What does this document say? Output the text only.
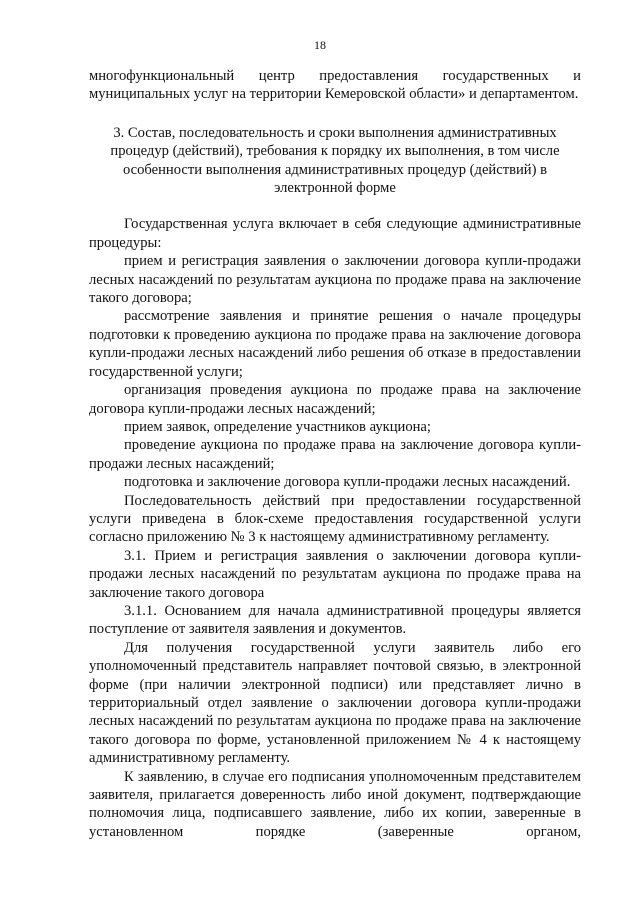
18

многофункциональный центр предоставления государственных и муниципальных услуг на территории Кемеровской области» и департаментом.

3. Состав, последовательность и сроки выполнения административных процедур (действий), требования к порядку их выполнения, в том числе особенности выполнения административных процедур (действий) в электронной форме

Государственная услуга включает в себя следующие административные процедуры:

прием и регистрация заявления о заключении договора купли-продажи лесных насаждений по результатам аукциона по продаже права на заключение такого договора;

рассмотрение заявления и принятие решения о начале процедуры подготовки к проведению аукциона по продаже права на заключение договора купли-продажи лесных насаждений либо решения об отказе в предоставлении государственной услуги;

организация проведения аукциона по продаже права на заключение договора купли-продажи лесных насаждений;

прием заявок, определение участников аукциона;

проведение аукциона по продаже права на заключение договора купли-продажи лесных насаждений;

подготовка и заключение договора купли-продажи лесных насаждений.

Последовательность действий при предоставлении государственной услуги приведена в блок-схеме предоставления государственной услуги согласно приложению № 3 к настоящему административному регламенту.

3.1. Прием и регистрация заявления о заключении договора купли-продажи лесных насаждений по результатам аукциона по продаже права на заключение такого договора

3.1.1. Основанием для начала административной процедуры является поступление от заявителя заявления и документов.

Для получения государственной услуги заявитель либо его уполномоченный представитель направляет почтовой связью, в электронной форме (при наличии электронной подписи) или представляет лично в территориальный отдел заявление о заключении договора купли-продажи лесных насаждений по результатам аукциона по продаже права на заключение такого договора по форме, установленной приложением № 4 к настоящему административному регламенту.

К заявлению, в случае его подписания уполномоченным представителем заявителя, прилагается доверенность либо иной документ, подтверждающие полномочия лица, подписавшего заявление, либо их копии, заверенные в установленном порядке (заверенные органом,
